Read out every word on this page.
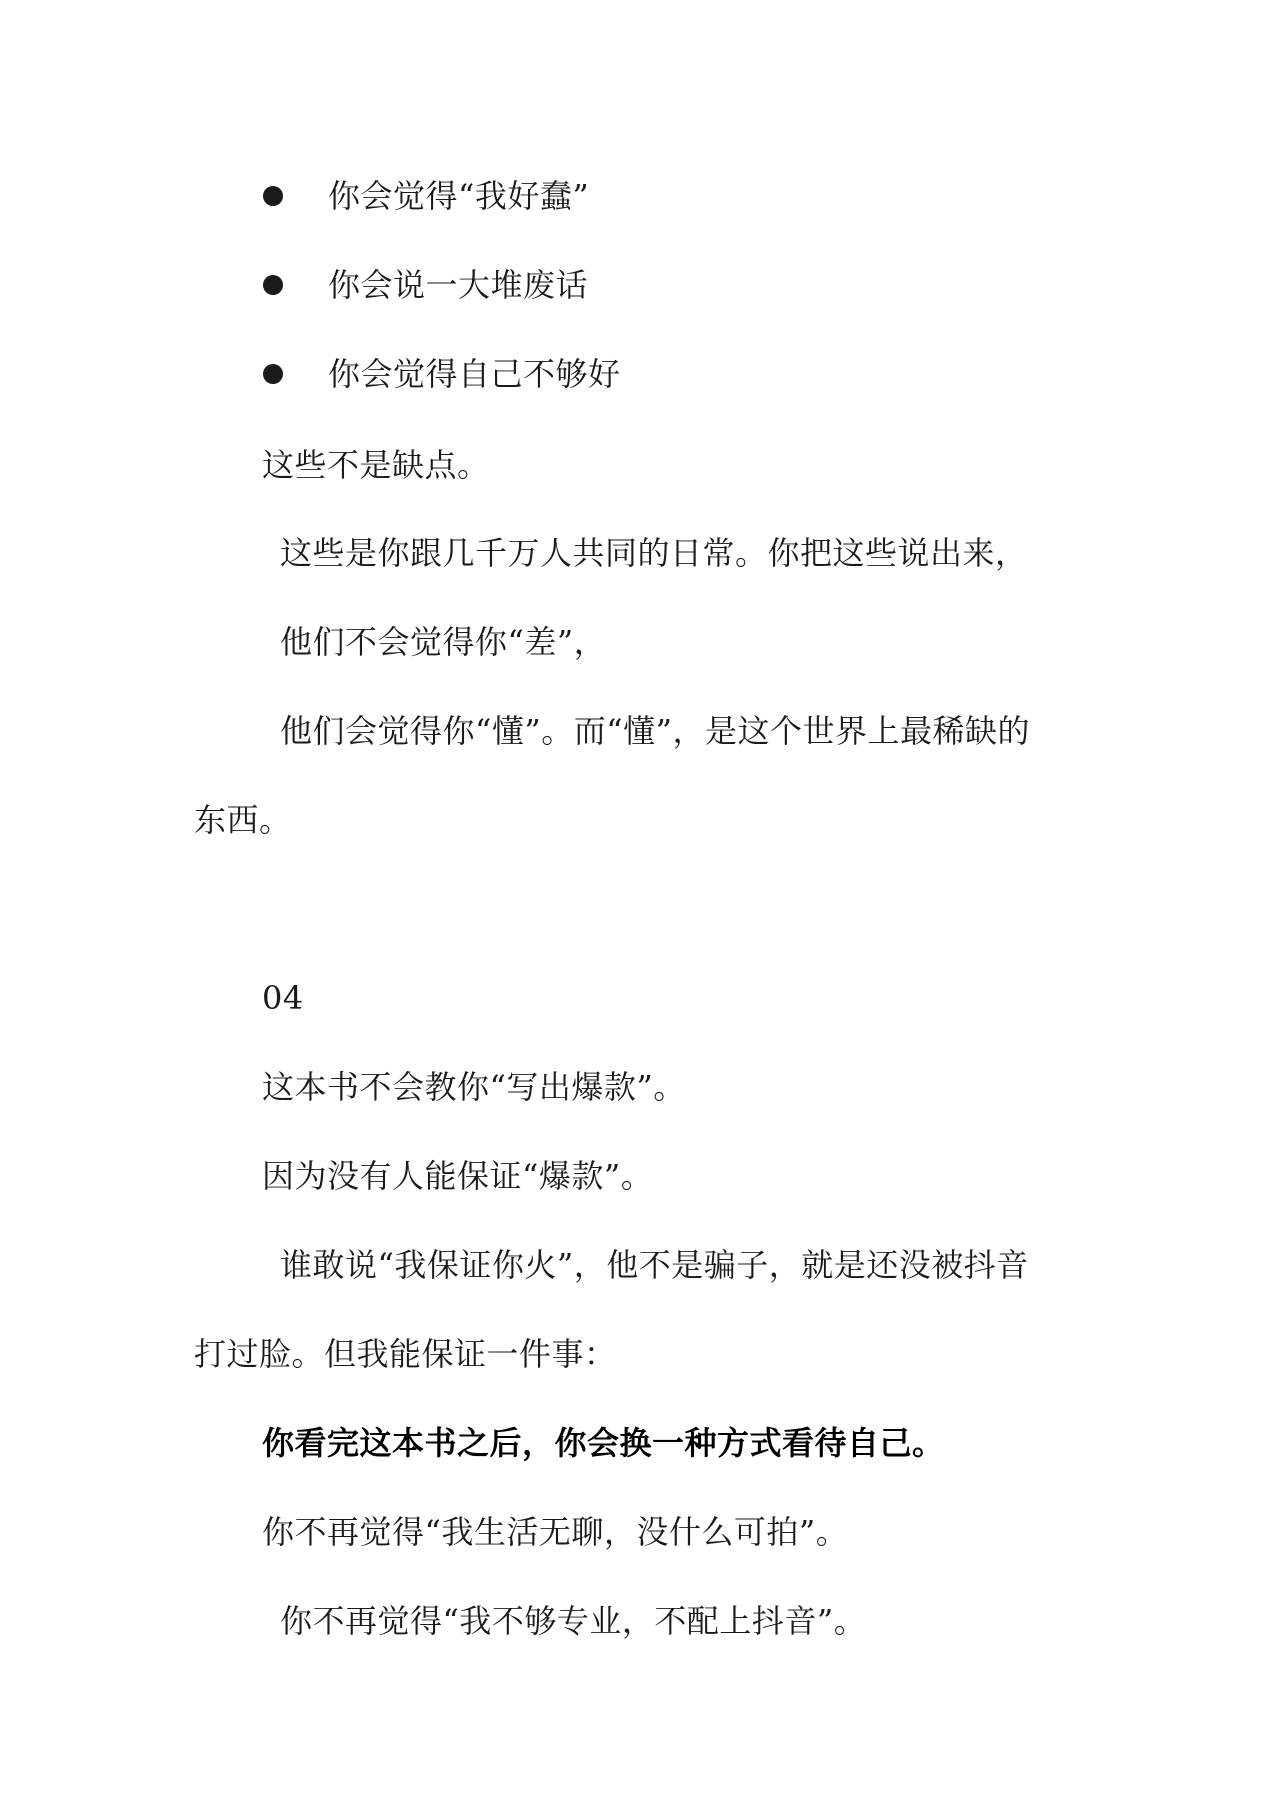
你会觉得“我好蠢”
你会说一大堆废话
你会觉得自己不够好
这些不是缺点。
这些是你跟几千万人共同的日常。你把这些说出来，
他们不会觉得你“差”，
他们会觉得你“懂”。而“懂”，是这个世界上最稀缺的
东西。
04
这本书不会教你“写出爆款”。
因为没有人能保证“爆款”。
谁敢说“我保证你火”，他不是骗子，就是还没被抖音
打过脸。但我能保证一件事：
你看完这本书之后，你会换一种方式看待自己。
你不再觉得“我生活无聊，没什么可拍”。
你不再觉得“我不够专业，不配上抖音”。
